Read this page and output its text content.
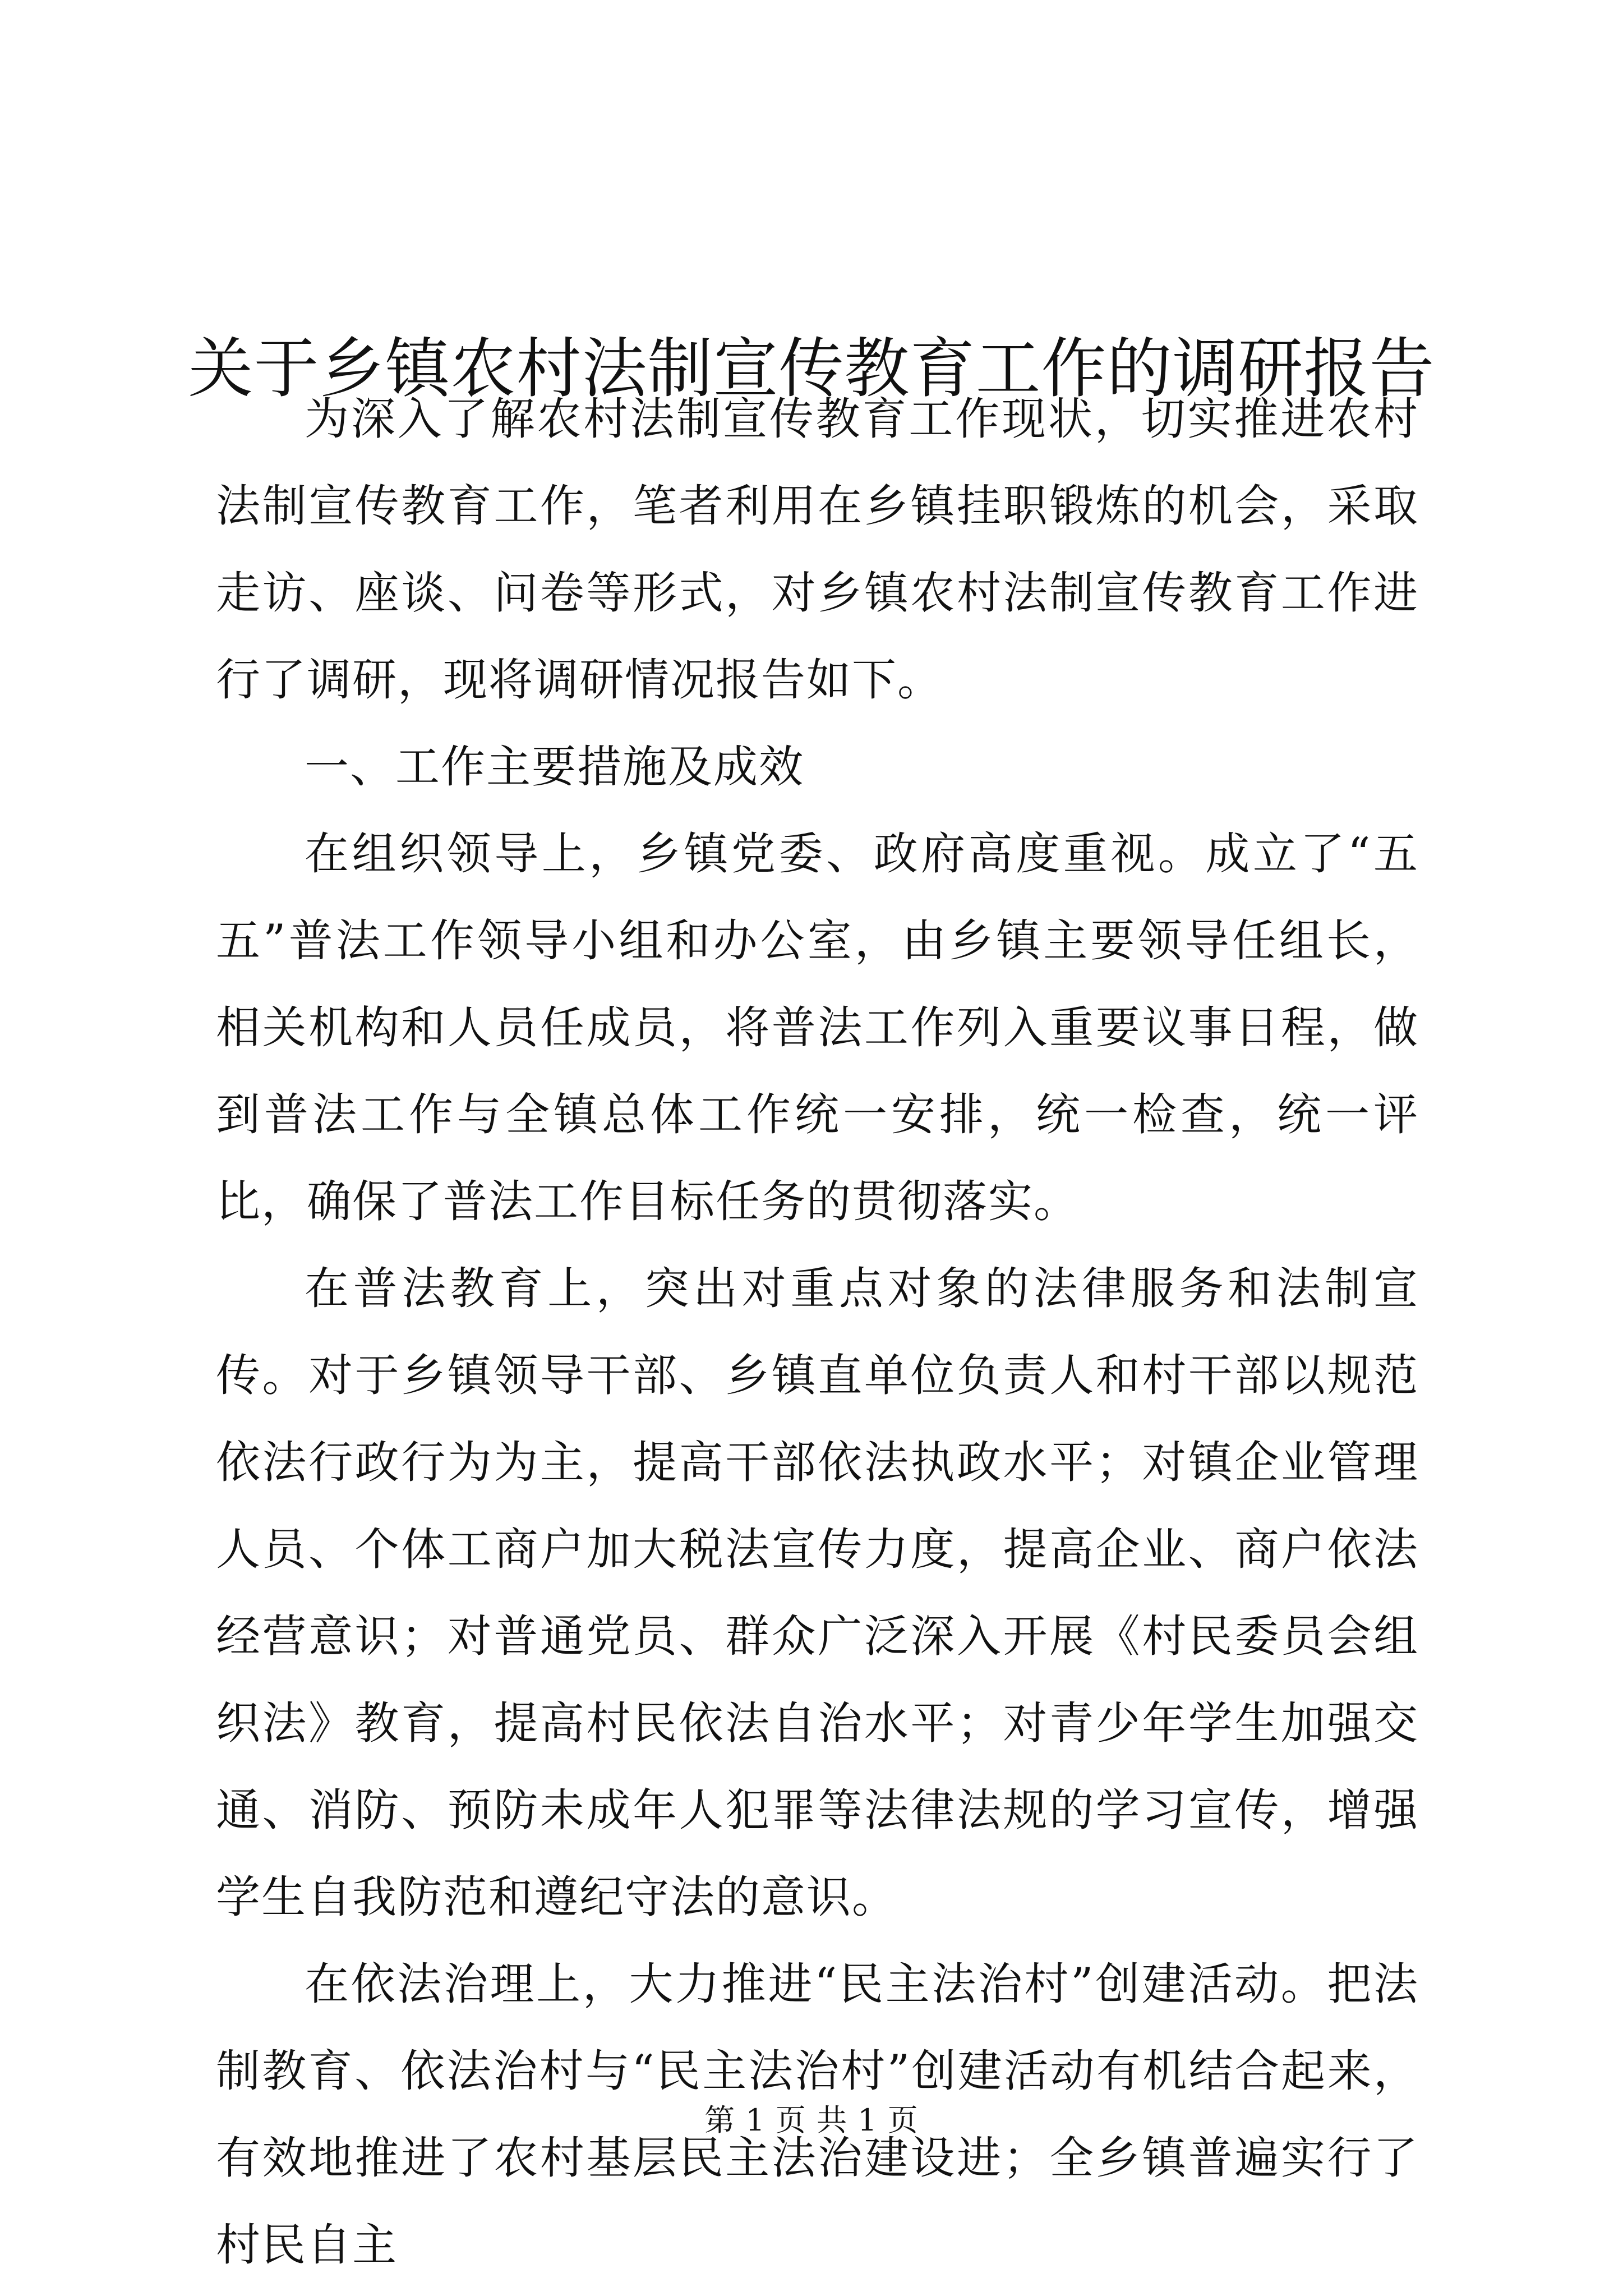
关于乡镇农村法制宣传教育工作的调研报告

为深入了解农村法制宣传教育工作现状，切实推进农村法制宣传教育工作，笔者利用在乡镇挂职锻炼的机会，采取走访、座谈、问卷等形式，对乡镇农村法制宣传教育工作进行了调研，现将调研情况报告如下。

一、工作主要措施及成效

在组织领导上，乡镇党委、政府高度重视。成立了“五五”普法工作领导小组和办公室，由乡镇主要领导任组长，相关机构和人员任成员，将普法工作列入重要议事日程，做到普法工作与全镇总体工作统一安排，统一检查，统一评比，确保了普法工作目标任务的贯彻落实。

在普法教育上，突出对重点对象的法律服务和法制宣传。对于乡镇领导干部、乡镇直单位负责人和村干部以规范依法行政行为为主，提高干部依法执政水平；对镇企业管理人员、个体工商户加大税法宣传力度，提高企业、商户依法经营意识；对普通党员、群众广泛深入开展《村民委员会组织法》教育，提高村民依法自治水平；对青少年学生加强交通、消防、预防未成年人犯罪等法律法规的学习宣传，增强学生自我防范和遵纪守法的意识。

在依法治理上，大力推进“民主法治村”创建活动。把法制教育、依法治村与“民主法治村”创建活动有机结合起来，有效地推进了农村基层民主法治建设进；全乡镇普遍实行了村民自主

第 1 页 共 1 页
